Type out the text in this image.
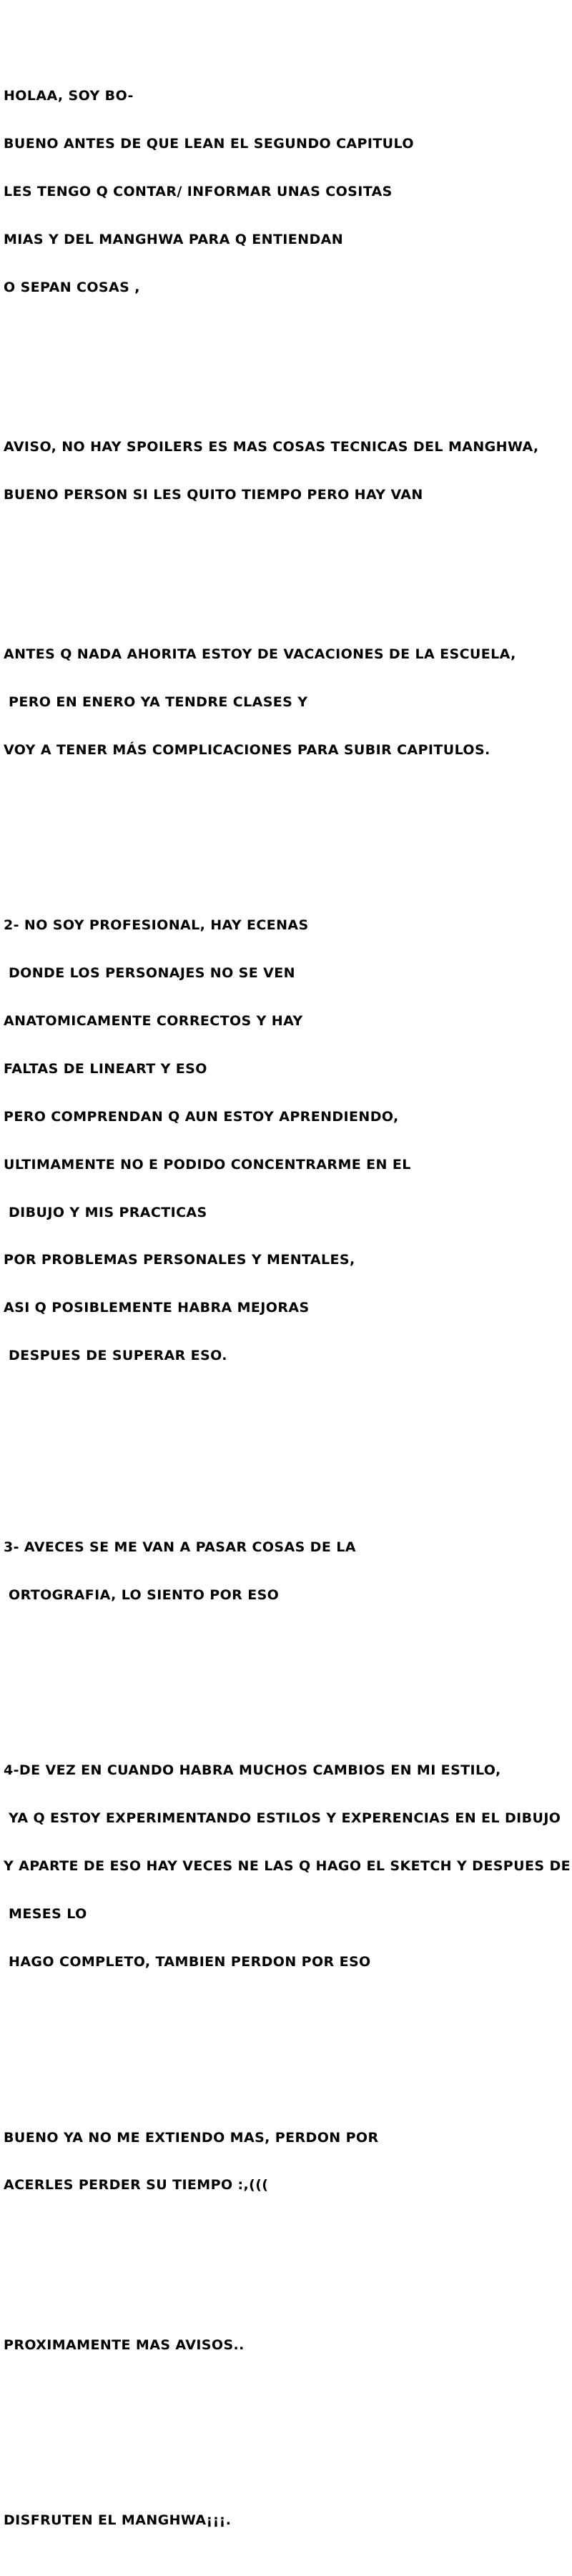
HOLAA, SOY BO-

BUENO ANTES DE QUE LEAN EL SEGUNDO CAPITULO

LES TENGO Q CONTAR/ INFORMAR UNAS COSITAS

MIAS Y DEL MANGHWA PARA Q ENTIENDAN

O SEPAN COSAS ,

AVISO, NO HAY SPOILERS ES MAS COSAS TECNICAS DEL MANGHWA,

BUENO PERSON SI LES QUITO TIEMPO PERO HAY VAN

ANTES Q NADA AHORITA ESTOY DE VACACIONES DE LA ESCUELA,

PERO EN ENERO YA TENDRE CLASES Y

VOY A TENER MÁS COMPLICACIONES PARA SUBIR CAPITULOS.

2- NO SOY PROFESIONAL, HAY ECENAS

DONDE LOS PERSONAJES NO SE VEN

ANATOMICAMENTE CORRECTOS Y HAY

FALTAS DE LINEART Y ESO

PERO COMPRENDAN Q AUN ESTOY APRENDIENDO,

ULTIMAMENTE NO E PODIDO CONCENTRARME EN EL

DIBUJO Y MIS PRACTICAS

POR PROBLEMAS PERSONALES Y MENTALES,

ASI Q POSIBLEMENTE HABRA MEJORAS

DESPUES DE SUPERAR ESO.

3- AVECES SE ME VAN A PASAR COSAS DE LA

ORTOGRAFIA, LO SIENTO POR ESO

4-DE VEZ EN CUANDO HABRA MUCHOS CAMBIOS EN MI ESTILO,

YA Q ESTOY EXPERIMENTANDO ESTILOS Y EXPERENCIAS EN EL DIBUJO

Y APARTE DE ESO HAY VECES NE LAS Q HAGO EL SKETCH Y DESPUES DE

MESES LO

HAGO COMPLETO, TAMBIEN PERDON POR ESO

BUENO YA NO ME EXTIENDO MAS, PERDON POR

ACERLES PERDER SU TIEMPO :,(((

PROXIMAMENTE MAS AVISOS..

DISFRUTEN EL MANGHWA¡¡¡.
